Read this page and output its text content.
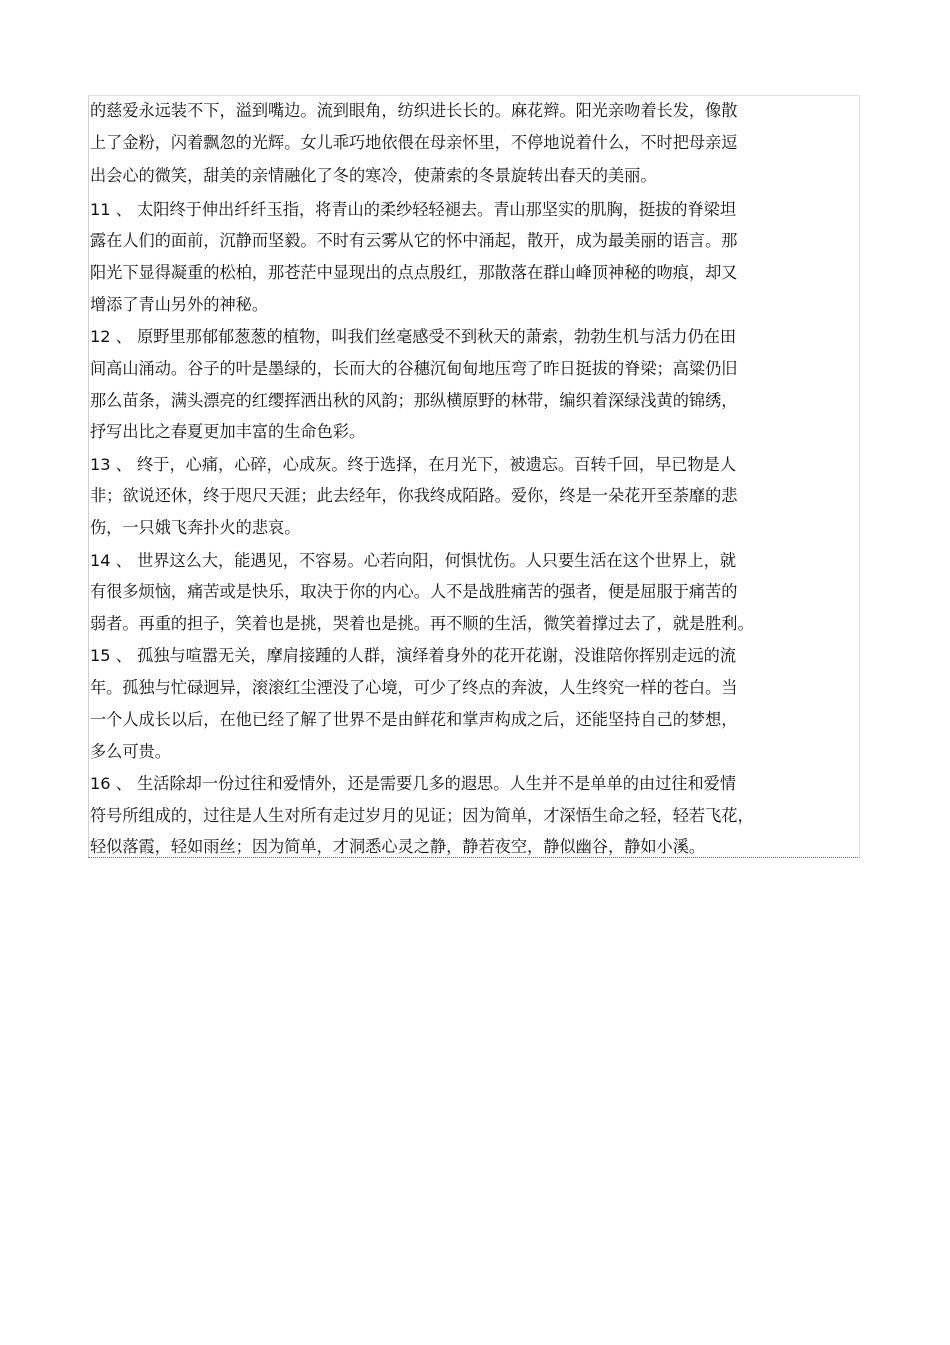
的慈爱永远装不下，溢到嘴边。流到眼角，纺织进长长的。麻花辫。阳光亲吻着长发，像散
上了金粉，闪着飘忽的光辉。女儿乖巧地依偎在母亲怀里，不停地说着什么，不时把母亲逗
出会心的微笑，甜美的亲情融化了冬的寒冷，使萧索的冬景旋转出春天的美丽。
11 、 太阳终于伸出纤纤玉指，将青山的柔纱轻轻褪去。青山那坚实的肌胸，挺拔的脊梁坦
露在人们的面前，沉静而坚毅。不时有云雾从它的怀中涌起，散开，成为最美丽的语言。那
阳光下显得凝重的松柏，那苍茫中显现出的点点殷红，那散落在群山峰顶神秘的吻痕，却又
增添了青山另外的神秘。
12 、 原野里那郁郁葱葱的植物，叫我们丝毫感受不到秋天的萧索，勃勃生机与活力仍在田
间高山涌动。谷子的叶是墨绿的，长而大的谷穗沉甸甸地压弯了昨日挺拔的脊梁；高粱仍旧
那么苗条，满头漂亮的红缨挥洒出秋的风韵；那纵横原野的林带，编织着深绿浅黄的锦绣，
抒写出比之春夏更加丰富的生命色彩。
13 、 终于，心痛，心碎，心成灰。终于选择，在月光下，被遗忘。百转千回，早已物是人
非；欲说还休，终于咫尺天涯；此去经年，你我终成陌路。爱你，终是一朵花开至荼靡的悲
伤，一只娥飞奔扑火的悲哀。
14 、 世界这么大，能遇见，不容易。心若向阳，何惧忧伤。人只要生活在这个世界上，就
有很多烦恼，痛苦或是快乐，取决于你的内心。人不是战胜痛苦的强者，便是屈服于痛苦的
弱者。再重的担子，笑着也是挑，哭着也是挑。再不顺的生活，微笑着撑过去了，就是胜利。
15 、 孤独与喧嚣无关，摩肩接踵的人群，演绎着身外的花开花谢，没谁陪你挥别走远的流
年。孤独与忙碌迥异，滚滚红尘湮没了心境，可少了终点的奔波，人生终究一样的苍白。当
一个人成长以后，在他已经了解了世界不是由鲜花和掌声构成之后，还能坚持自己的梦想，
多么可贵。
16 、 生活除却一份过往和爱情外，还是需要几多的遐思。人生并不是单单的由过往和爱情
符号所组成的，过往是人生对所有走过岁月的见证；因为简单，才深悟生命之轻，轻若飞花，
轻似落霞，轻如雨丝；因为简单，才洞悉心灵之静，静若夜空，静似幽谷，静如小溪。
